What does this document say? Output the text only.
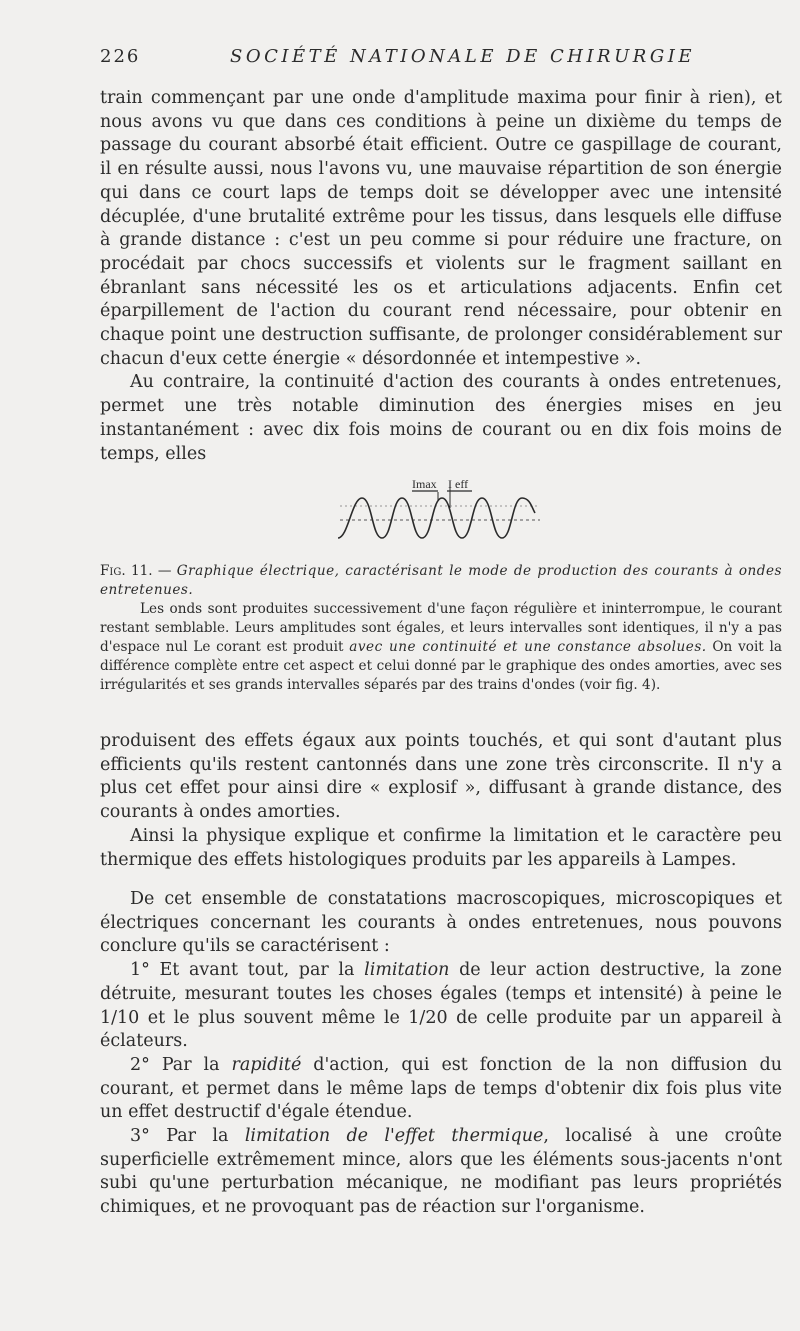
226	SOCIÉTÉ NATIONALE DE CHIRURGIE

train commençant par une onde d'amplitude maxima pour finir à rien), et nous avons vu que dans ces conditions à peine un dixième du temps de passage du courant absorbé était efficient. Outre ce gaspillage de courant, il en résulte aussi, nous l'avons vu, une mauvaise répartition de son énergie qui dans ce court laps de temps doit se développer avec une intensité décuplée, d'une brutalité extrême pour les tissus, dans lesquels elle diffuse à grande distance : c'est un peu comme si pour réduire une fracture, on procédait par chocs successifs et violents sur le fragment saillant en ébranlant sans nécessité les os et articulations adjacents. Enfin cet éparpillement de l'action du courant rend nécessaire, pour obtenir en chaque point une destruction suffisante, de prolonger considérablement sur chacun d'eux cette énergie « désordonnée et intempestive ».

Au contraire, la continuité d'action des courants à ondes entretenues, permet une très notable diminution des énergies mises en jeu instantanément : avec dix fois moins de courant ou en dix fois moins de temps, elles

Imax I eff

Fig. 11. — Graphique électrique, caractérisant le mode de production des courants à ondes entretenues.

Les onds sont produites successivement d'une façon régulière et ininterrompue, le courant restant semblable. Leurs amplitudes sont égales, et leurs intervalles sont identiques, il n'y a pas d'espace nul Le corant est produit avec une continuité et une constance absolues. On voit la différence complète entre cet aspect et celui donné par le graphique des ondes amorties, avec ses irrégularités et ses grands intervalles séparés par des trains d'ondes (voir fig. 4).

produisent des effets égaux aux points touchés, et qui sont d'autant plus efficients qu'ils restent cantonnés dans une zone très circonscrite. Il n'y a plus cet effet pour ainsi dire « explosif », diffusant à grande distance, des courants à ondes amorties.

Ainsi la physique explique et confirme la limitation et le caractère peu thermique des effets histologiques produits par les appareils à Lampes.

De cet ensemble de constatations macroscopiques, microscopiques et électriques concernant les courants à ondes entretenues, nous pouvons conclure qu'ils se caractérisent :

1° Et avant tout, par la limitation de leur action destructive, la zone détruite, mesurant toutes les choses égales (temps et intensité) à peine le 1/10 et le plus souvent même le 1/20 de celle produite par un appareil à éclateurs.

2° Par la rapidité d'action, qui est fonction de la non diffusion du courant, et permet dans le même laps de temps d'obtenir dix fois plus vite un effet destructif d'égale étendue.

3° Par la limitation de l'effet thermique, localisé à une croûte superficielle extrêmement mince, alors que les éléments sous-jacents n'ont subi qu'une perturbation mécanique, ne modifiant pas leurs propriétés chimiques, et ne provoquant pas de réaction sur l'organisme.
